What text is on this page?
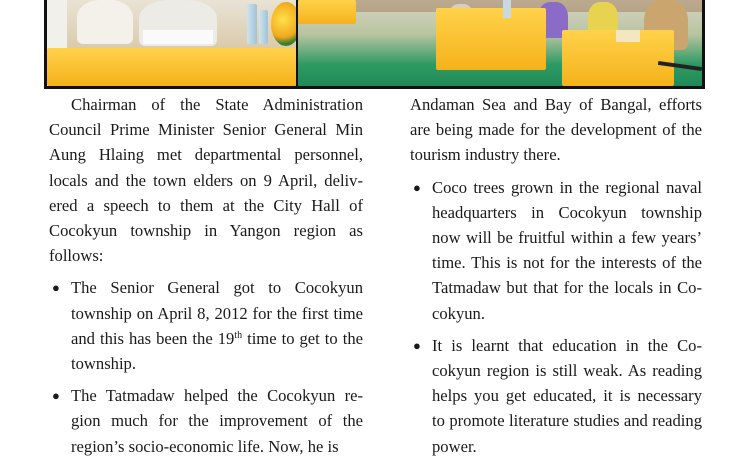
Chairman of the State Administration Council Prime Minister Senior General Min Aung Hlaing met departmental personnel, locals and the town elders on 9 April, deliv-ered a speech to them at the City Hall of Cocokyun township in Yangon region as follows:

● The Senior General got to Cocokyun township on April 8, 2012 for the first time and this has been the 19th time to get to the township.
● The Tatmadaw helped the Cocokyun re-gion much for the improvement of the region’s socio-economic life. Now, he is

Andaman Sea and Bay of Bangal, efforts are being made for the development of the tourism industry there.

● Coco trees grown in the regional naval headquarters in Cocokyun township now will be fruitful within a few years’ time. This is not for the interests of the Tatmadaw but that for the locals in Co-cokyun.
● It is learnt that education in the Co-cokyun region is still weak. As reading helps you get educated, it is necessary to promote literature studies and reading power.
